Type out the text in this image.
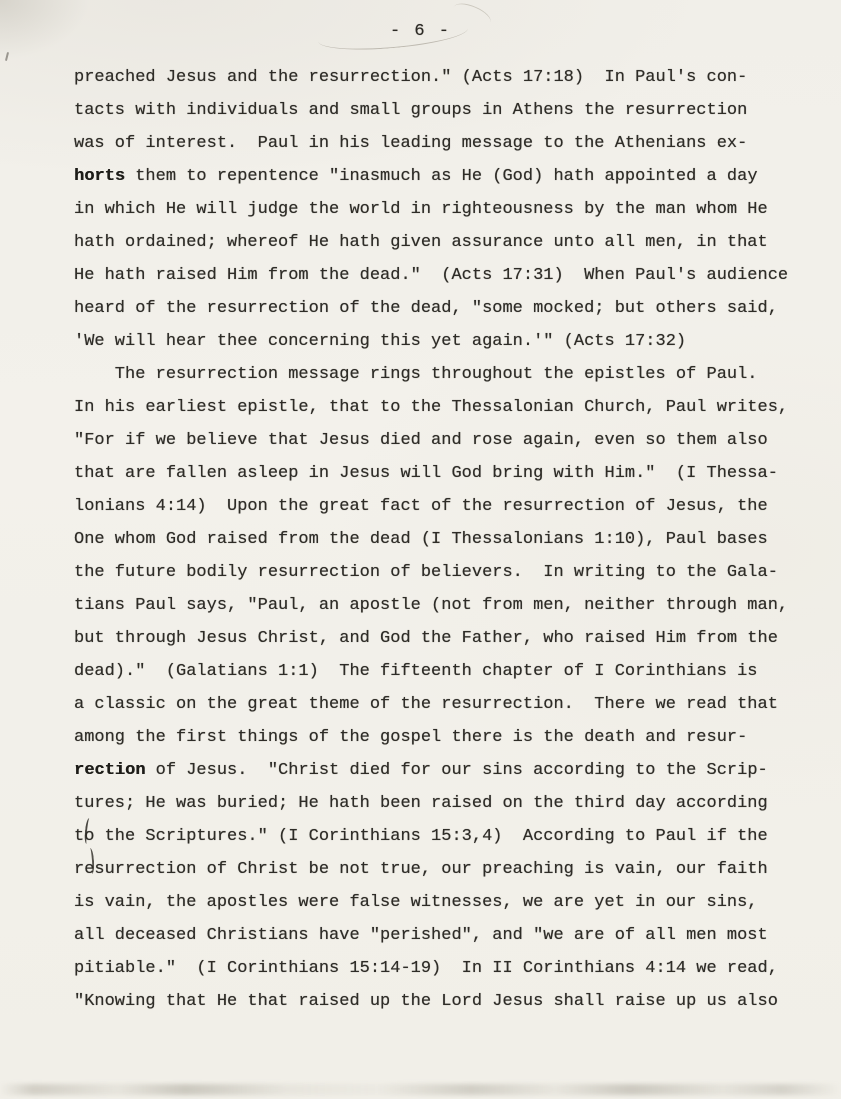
- 6 -
preached Jesus and the resurrection." (Acts 17:18)  In Paul's con-
tacts with individuals and small groups in Athens the resurrection
was of interest.  Paul in his leading message to the Athenians ex-
horts them to repentence "inasmuch as He (God) hath appointed a day
in which He will judge the world in righteousness by the man whom He
hath ordained; whereof He hath given assurance unto all men, in that
He hath raised Him from the dead."  (Acts 17:31)  When Paul's audience
heard of the resurrection of the dead, "some mocked; but others said,
'We will hear thee concerning this yet again.'" (Acts 17:32)
The resurrection message rings throughout the epistles of Paul.
In his earliest epistle, that to the Thessalonian Church, Paul writes,
"For if we believe that Jesus died and rose again, even so them also
that are fallen asleep in Jesus will God bring with Him."  (I Thessa-
lonians 4:14)  Upon the great fact of the resurrection of Jesus, the
One whom God raised from the dead (I Thessalonians 1:10), Paul bases
the future bodily resurrection of believers.  In writing to the Gala-
tians Paul says, "Paul, an apostle (not from men, neither through man,
but through Jesus Christ, and God the Father, who raised Him from the
dead)."  (Galatians 1:1)  The fifteenth chapter of I Corinthians is
a classic on the great theme of the resurrection.  There we read that
among the first things of the gospel there is the death and resur-
rection of Jesus.  "Christ died for our sins according to the Scrip-
tures; He was buried; He hath been raised on the third day according
to the Scriptures." (I Corinthians 15:3,4)  According to Paul if the
resurrection of Christ be not true, our preaching is vain, our faith
is vain, the apostles were false witnesses, we are yet in our sins,
all deceased Christians have "perished", and "we are of all men most
pitiable."  (I Corinthians 15:14-19)  In II Corinthians 4:14 we read,
"Knowing that He that raised up the Lord Jesus shall raise up us also
